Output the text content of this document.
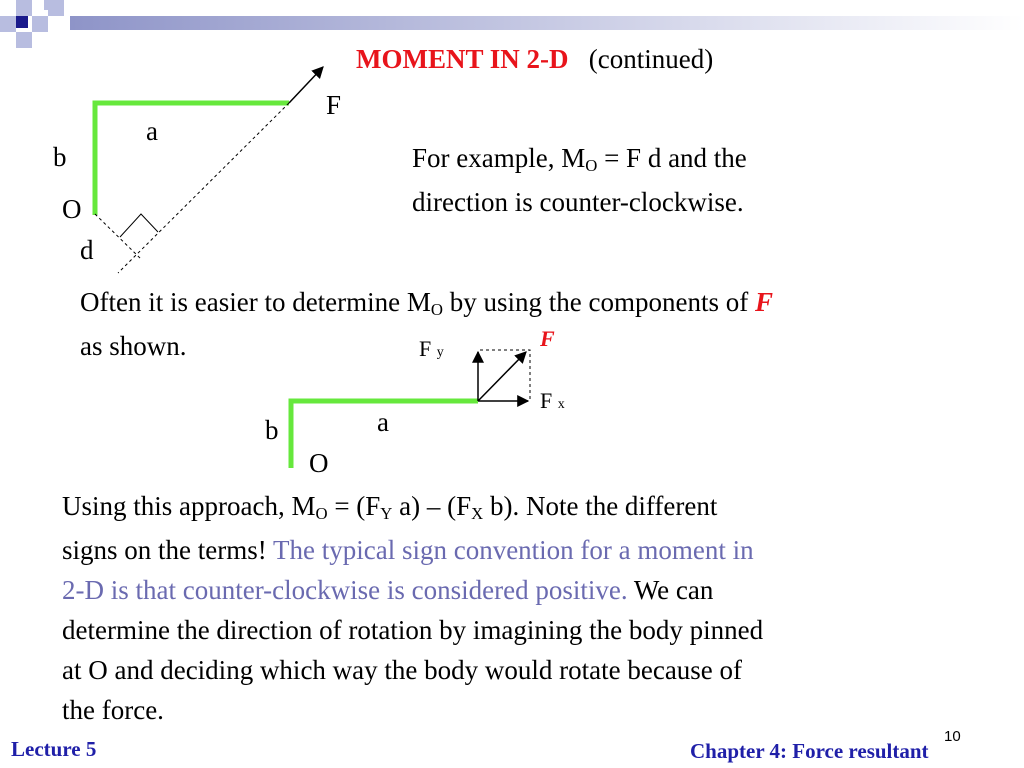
MOMENT IN 2-D (continued)
F
a
b
O
d
For example, $M_O = F$ d and the
direction is counter-clockwise.
Often it is easier to determine $M_O$ by using the components of F
as shown.	F
F y
F x
a
b
O
Using this approach, $M_O = (F_Y$ $a) - (F_X$ b). Note the different
signs on the terms! The typical sign convention for a moment in
2-D is that counter-clockwise is considered positive. We can
determine the direction of rotation by imagining the body pinned
at O and deciding which way the body would rotate because of
the force.
Lecture 5	Chapter 4: Force resultant
10
